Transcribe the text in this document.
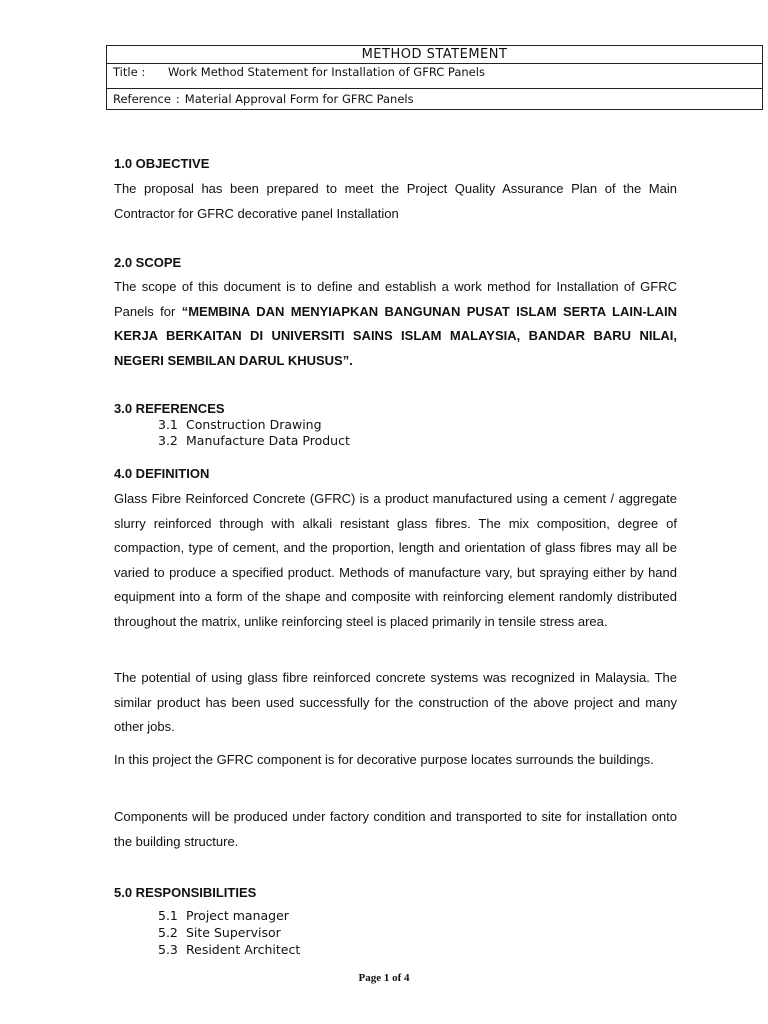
METHOD STATEMENT
Title : Work Method Statement for Installation of GFRC Panels
Reference : Material Approval Form for GFRC Panels
1.0 OBJECTIVE
The proposal has been prepared to meet the Project Quality Assurance Plan of the Main Contractor for GFRC decorative panel Installation
2.0 SCOPE
The scope of this document is to define and establish a work method for Installation of GFRC Panels for “MEMBINA DAN MENYIAPKAN BANGUNAN PUSAT ISLAM SERTA LAIN-LAIN KERJA BERKAITAN DI UNIVERSITI SAINS ISLAM MALAYSIA, BANDAR BARU NILAI, NEGERI SEMBILAN DARUL KHUSUS”.
3.0 REFERENCES
3.1 Construction Drawing
3.2 Manufacture Data Product
4.0 DEFINITION
Glass Fibre Reinforced Concrete (GFRC) is a product manufactured using a cement / aggregate slurry reinforced through with alkali resistant glass fibres. The mix composition, degree of compaction, type of cement, and the proportion, length and orientation of glass fibres may all be varied to produce a specified product. Methods of manufacture vary, but spraying either by hand equipment into a form of the shape and composite with reinforcing element randomly distributed throughout the matrix, unlike reinforcing steel is placed primarily in tensile stress area.
The potential of using glass fibre reinforced concrete systems was recognized in Malaysia. The similar product has been used successfully for the construction of the above project and many other jobs.
In this project the GFRC component is for decorative purpose locates surrounds the buildings.
Components will be produced under factory condition and transported to site for installation onto the building structure.
5.0 RESPONSIBILITIES
5.1 Project manager
5.2 Site Supervisor
5.3 Resident Architect
Page 1 of 4
